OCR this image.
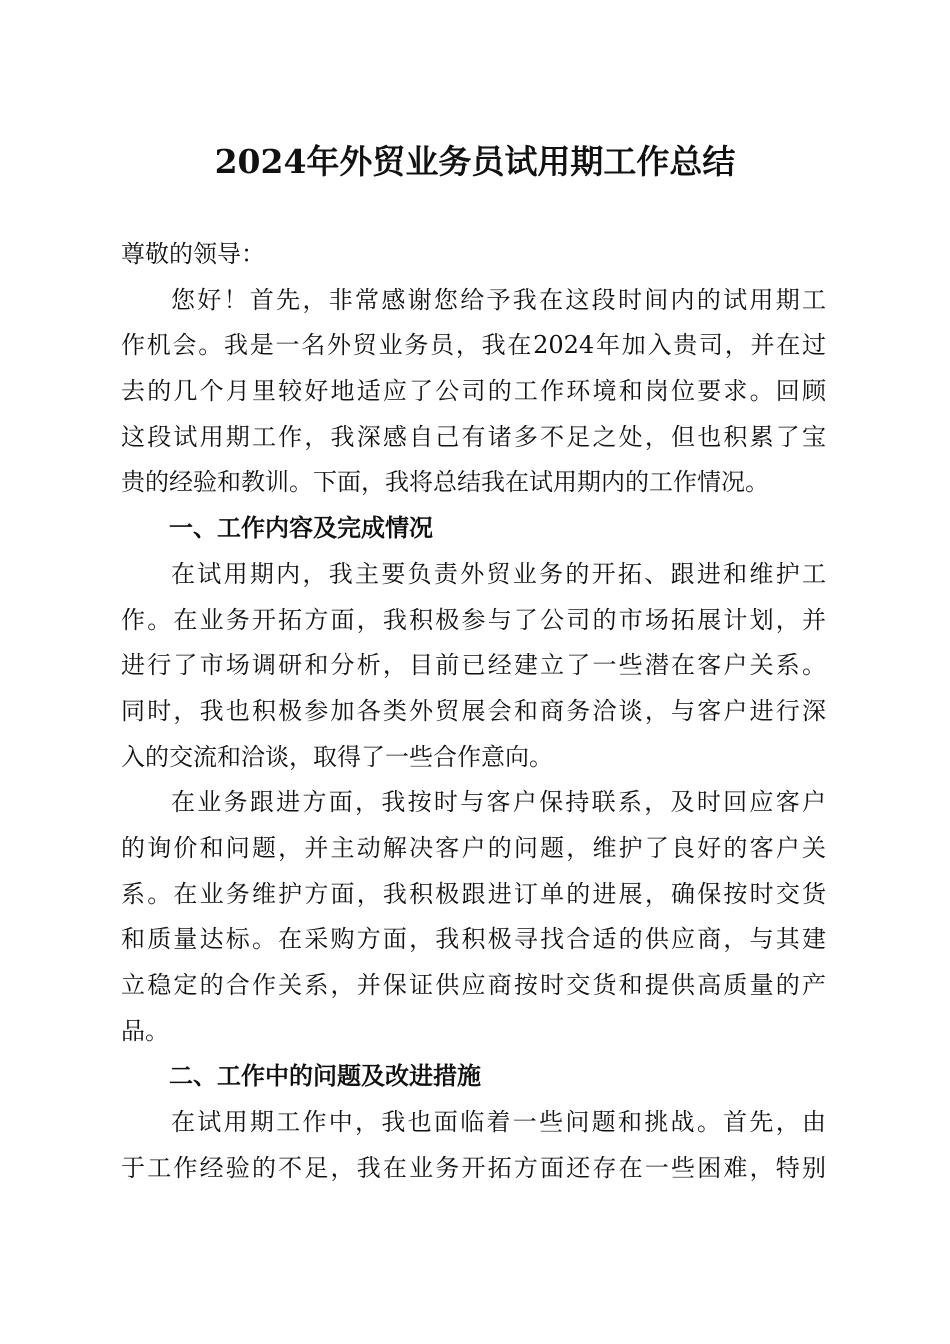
2024年外贸业务员试用期工作总结
尊敬的领导：
您好！首先，非常感谢您给予我在这段时间内的试用期工
作机会。我是一名外贸业务员，我在2024年加入贵司，并在过
去的几个月里较好地适应了公司的工作环境和岗位要求。回顾
这段试用期工作，我深感自己有诸多不足之处，但也积累了宝
贵的经验和教训。下面，我将总结我在试用期内的工作情况。
一、工作内容及完成情况
在试用期内，我主要负责外贸业务的开拓、跟进和维护工
作。在业务开拓方面，我积极参与了公司的市场拓展计划，并
进行了市场调研和分析，目前已经建立了一些潜在客户关系。
同时，我也积极参加各类外贸展会和商务洽谈，与客户进行深
入的交流和洽谈，取得了一些合作意向。
在业务跟进方面，我按时与客户保持联系，及时回应客户
的询价和问题，并主动解决客户的问题，维护了良好的客户关
系。在业务维护方面，我积极跟进订单的进展，确保按时交货
和质量达标。在采购方面，我积极寻找合适的供应商，与其建
立稳定的合作关系，并保证供应商按时交货和提供高质量的产
品。
二、工作中的问题及改进措施
在试用期工作中，我也面临着一些问题和挑战。首先，由
于工作经验的不足，我在业务开拓方面还存在一些困难，特别
